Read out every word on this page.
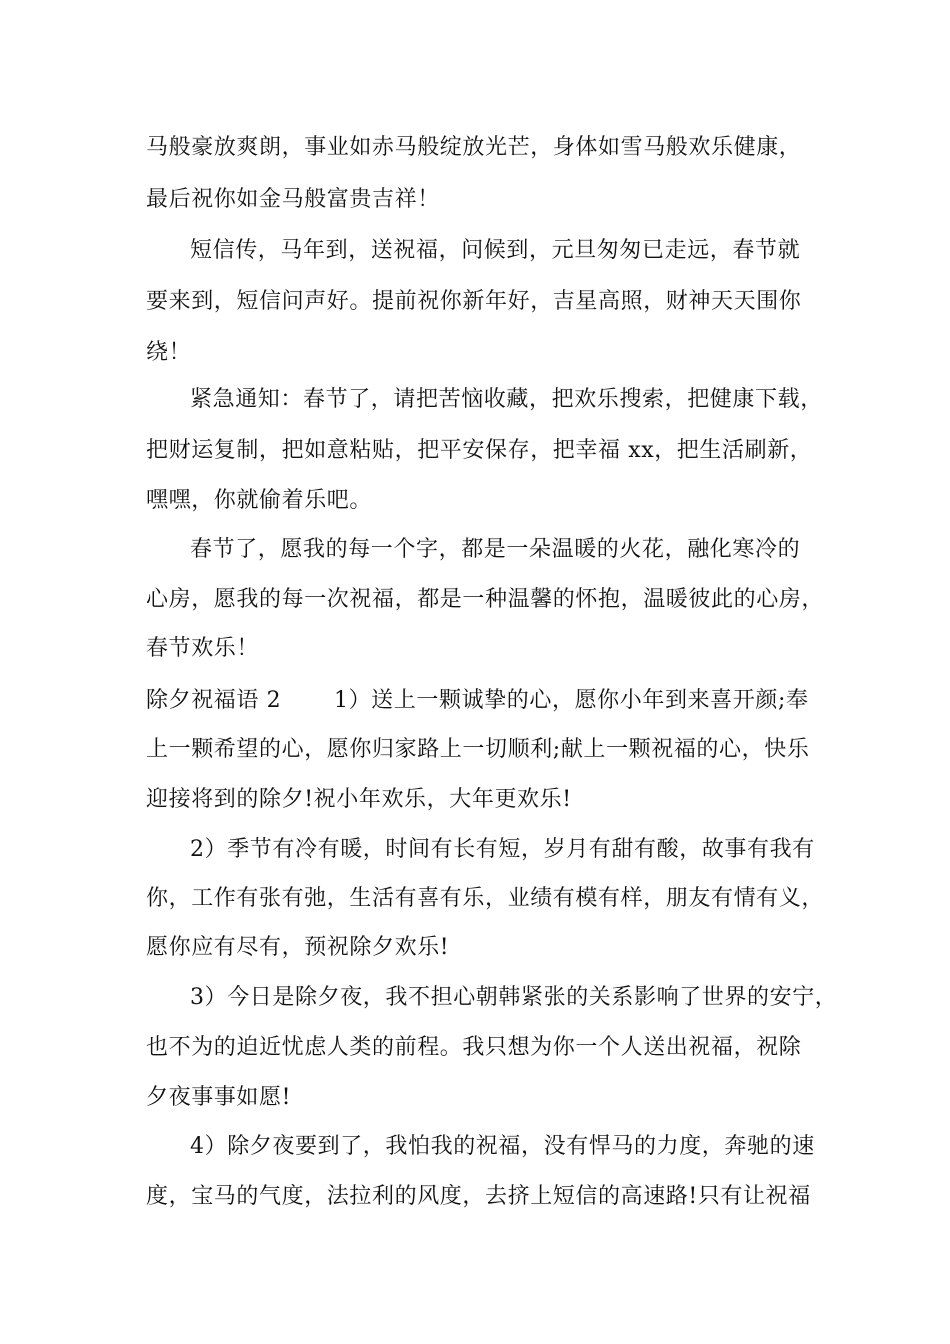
马般豪放爽朗，事业如赤马般绽放光芒，身体如雪马般欢乐健康，
最后祝你如金马般富贵吉祥！
短信传，马年到，送祝福，问候到，元旦匆匆已走远，春节就
要来到，短信问声好。提前祝你新年好，吉星高照，财神天天围你
绕！
紧急通知：春节了，请把苦恼收藏，把欢乐搜索，把健康下载，
把财运复制，把如意粘贴，把平安保存，把幸福 xx，把生活刷新，
嘿嘿，你就偷着乐吧。
春节了，愿我的每一个字，都是一朵温暖的火花，融化寒冷的
心房，愿我的每一次祝福，都是一种温馨的怀抱，温暖彼此的心房，
春节欢乐！
除夕祝福语 2　　 1）送上一颗诚挚的心，愿你小年到来喜开颜;奉
上一颗希望的心，愿你归家路上一切顺利;献上一颗祝福的心，快乐
迎接将到的除夕!祝小年欢乐，大年更欢乐!
2）季节有冷有暖，时间有长有短，岁月有甜有酸，故事有我有
你，工作有张有弛，生活有喜有乐，业绩有模有样，朋友有情有义，
愿你应有尽有，预祝除夕欢乐!
3）今日是除夕夜，我不担心朝韩紧张的关系影响了世界的安宁，
也不为的迫近忧虑人类的前程。我只想为你一个人送出祝福，祝除
夕夜事事如愿!
4）除夕夜要到了，我怕我的祝福，没有悍马的力度，奔驰的速
度，宝马的气度，法拉利的风度，去挤上短信的高速路!只有让祝福
